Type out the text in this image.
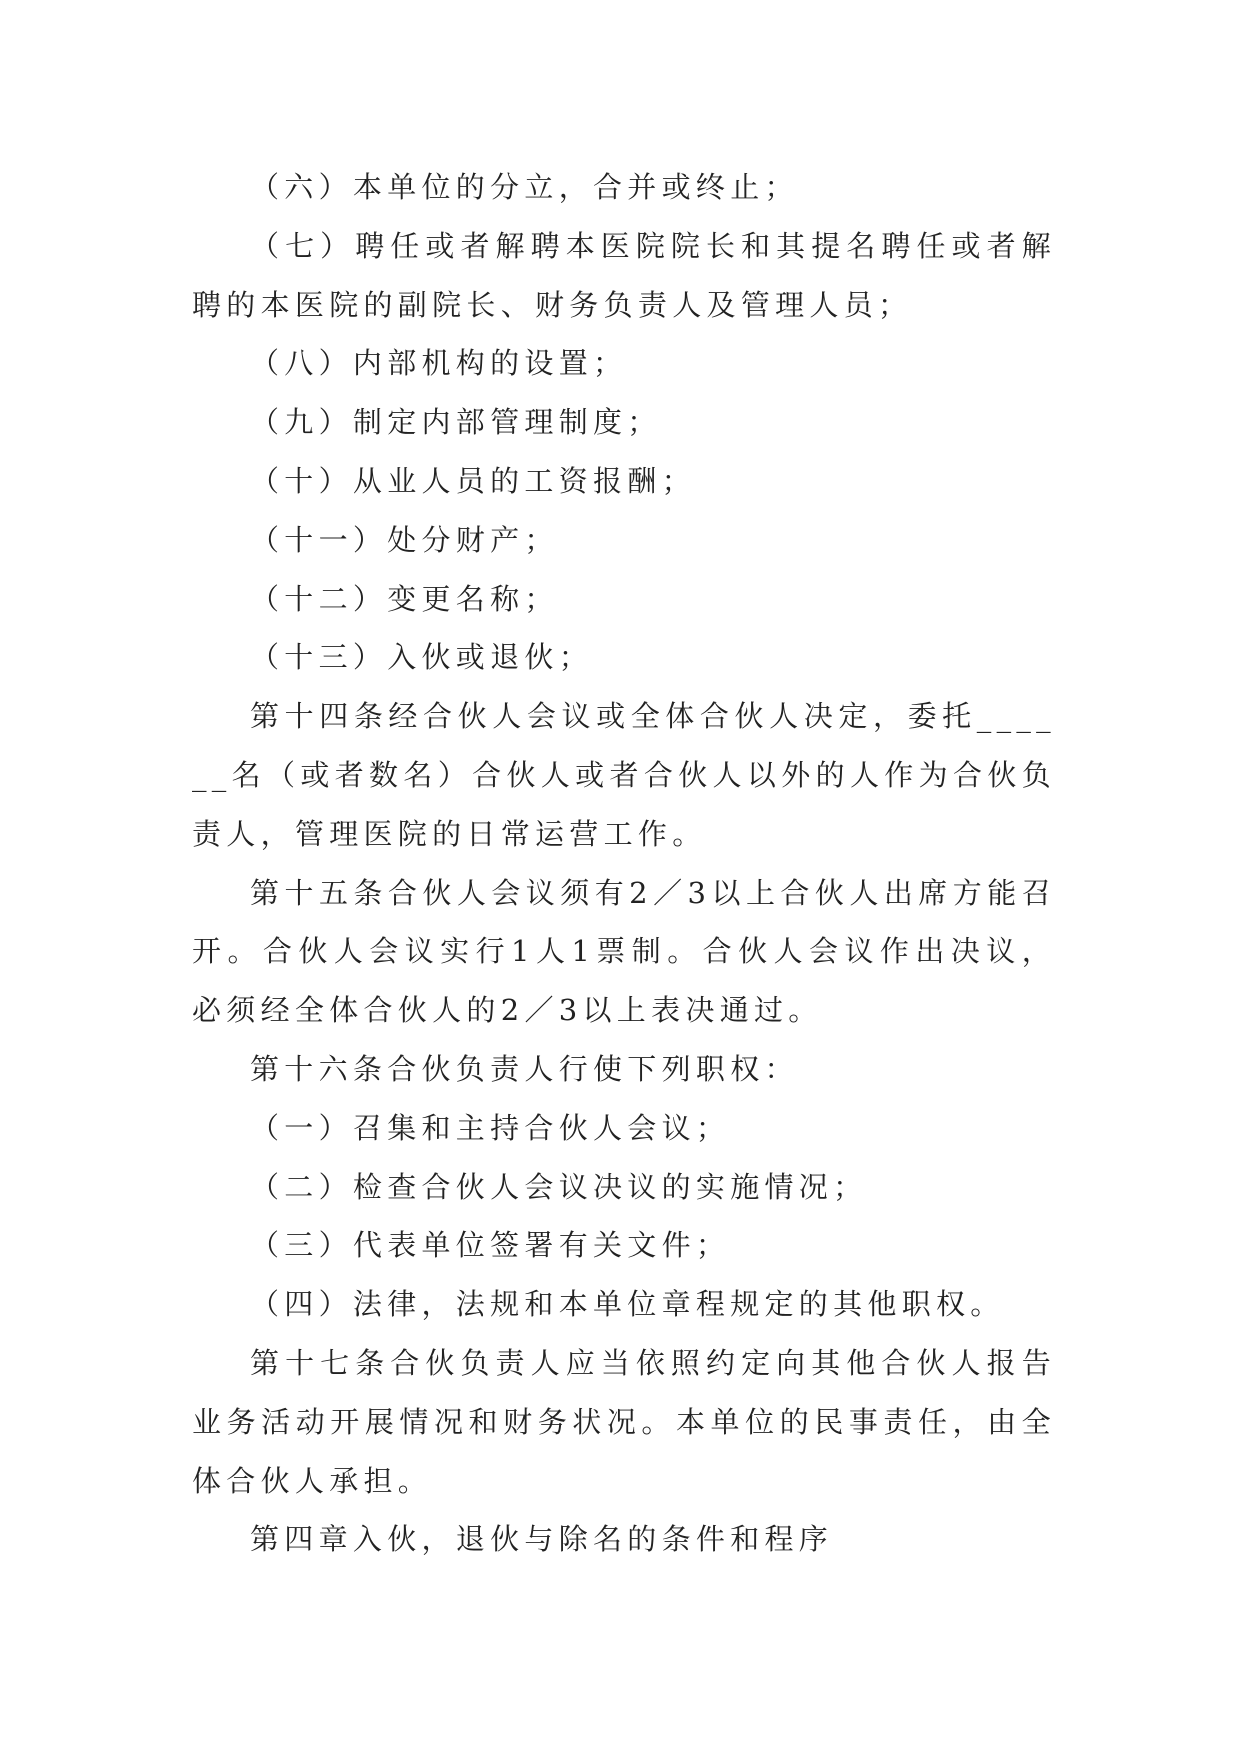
（六）本单位的分立，合并或终止；

（七）聘任或者解聘本医院院长和其提名聘任或者解聘的本医院的副院长、财务负责人及管理人员；

（八）内部机构的设置；

（九）制定内部管理制度；

（十）从业人员的工资报酬；

（十一）处分财产；

（十二）变更名称；

（十三）入伙或退伙；

第十四条经合伙人会议或全体合伙人决定，委托______名（或者数名）合伙人或者合伙人以外的人作为合伙负责人，管理医院的日常运营工作。

第十五条合伙人会议须有2／3以上合伙人出席方能召开。合伙人会议实行1人1票制。合伙人会议作出决议，必须经全体合伙人的2／3以上表决通过。

第十六条合伙负责人行使下列职权：

（一）召集和主持合伙人会议；

（二）检查合伙人会议决议的实施情况；

（三）代表单位签署有关文件；

（四）法律，法规和本单位章程规定的其他职权。

第十七条合伙负责人应当依照约定向其他合伙人报告业务活动开展情况和财务状况。本单位的民事责任，由全体合伙人承担。

第四章入伙，退伙与除名的条件和程序
